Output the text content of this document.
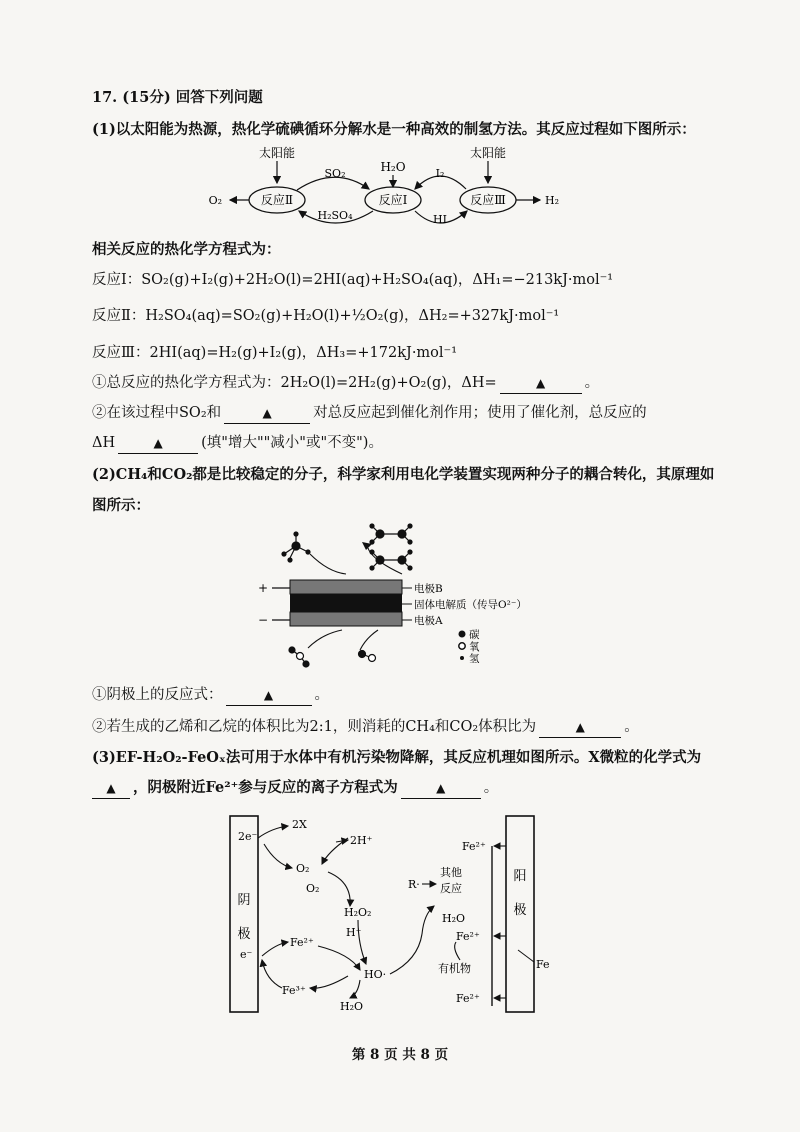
17. (15分) 回答下列问题
(1)以太阳能为热源，热化学硫碘循环分解水是一种高效的制氢方法。其反应过程如下图所示：
太阳能
H₂O
太阳能
反应Ⅱ	反应Ⅰ	反应Ⅲ
SO₂
H₂SO₄
I₂
HI
O₂	H₂
相关反应的热化学方程式为：
反应Ⅰ：SO₂(g)+I₂(g)+2H₂O(l)=2HI(aq)+H₂SO₄(aq)，ΔH₁=−213kJ·mol⁻¹
反应Ⅱ：H₂SO₄(aq)=SO₂(g)+H₂O(l)+½O₂(g)，ΔH₂=+327kJ·mol⁻¹
反应Ⅲ：2HI(aq)=H₂(g)+I₂(g)，ΔH₃=+172kJ·mol⁻¹
①总反应的热化学方程式为：2H₂O(l)=2H₂(g)+O₂(g)，ΔH=	▲	。
②在该过程中SO₂和	▲	对总反应起到催化剂作用；使用了催化剂，总反应的
ΔH	▲	(填"增大""减小"或"不变")。
(2)CH₄和CO₂都是比较稳定的分子，科学家利用电化学装置实现两种分子的耦合转化，其原理如
图所示：
+
−
电极B
固体电解质（传导O²⁻）
电极A
碳
氧
氢
①阴极上的反应式：	▲	。
②若生成的乙烯和乙烷的体积比为2:1，则消耗的CH₄和CO₂体积比为	▲	。
(3)EF-H₂O₂-FeOₓ法可用于水体中有机污染物降解，其反应机理如图所示。X微粒的化学式为
▲ ，阴极附近Fe²⁺参与反应的离子方程式为	▲	。
阴
极
2e⁻
e⁻
阳
极
Fe
2X
O₂
O₂
2H⁺
H₂O₂
H⁺
Fe²⁺
Fe³⁺
HO·
H₂O
R·
其他
反应
H₂O
Fe²⁺
Fe²⁺
有机物
Fe²⁺
第 8 页 共 8 页
